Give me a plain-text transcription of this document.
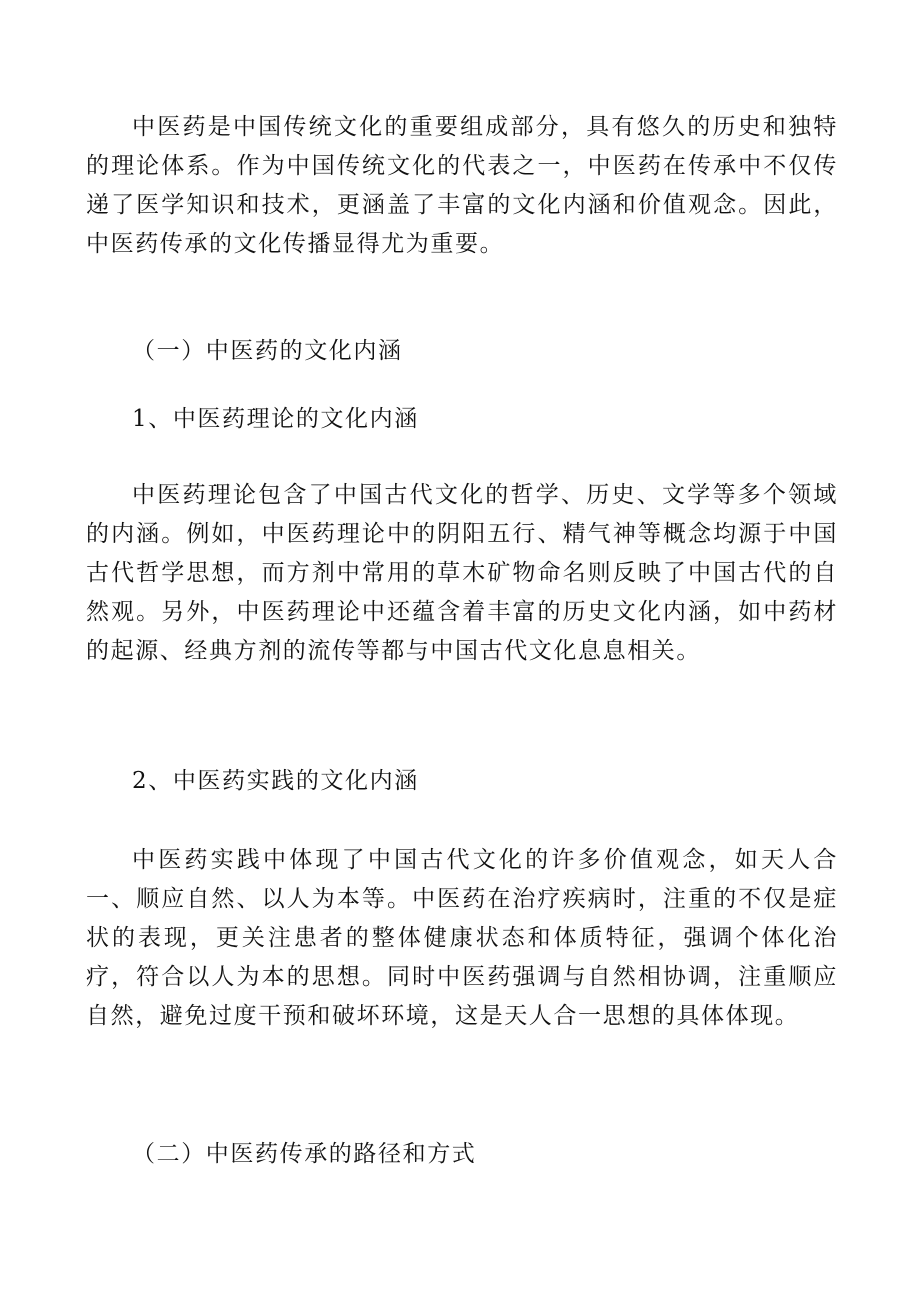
中医药是中国传统文化的重要组成部分，具有悠久的历史和独特的理论体系。作为中国传统文化的代表之一，中医药在传承中不仅传递了医学知识和技术，更涵盖了丰富的文化内涵和价值观念。因此，中医药传承的文化传播显得尤为重要。

（一）中医药的文化内涵

1、中医药理论的文化内涵

中医药理论包含了中国古代文化的哲学、历史、文学等多个领域的内涵。例如，中医药理论中的阴阳五行、精气神等概念均源于中国古代哲学思想，而方剂中常用的草木矿物命名则反映了中国古代的自然观。另外，中医药理论中还蕴含着丰富的历史文化内涵，如中药材的起源、经典方剂的流传等都与中国古代文化息息相关。

2、中医药实践的文化内涵

中医药实践中体现了中国古代文化的许多价值观念，如天人合一、顺应自然、以人为本等。中医药在治疗疾病时，注重的不仅是症状的表现，更关注患者的整体健康状态和体质特征，强调个体化治疗，符合以人为本的思想。同时中医药强调与自然相协调，注重顺应自然，避免过度干预和破坏环境，这是天人合一思想的具体体现。

（二）中医药传承的路径和方式
